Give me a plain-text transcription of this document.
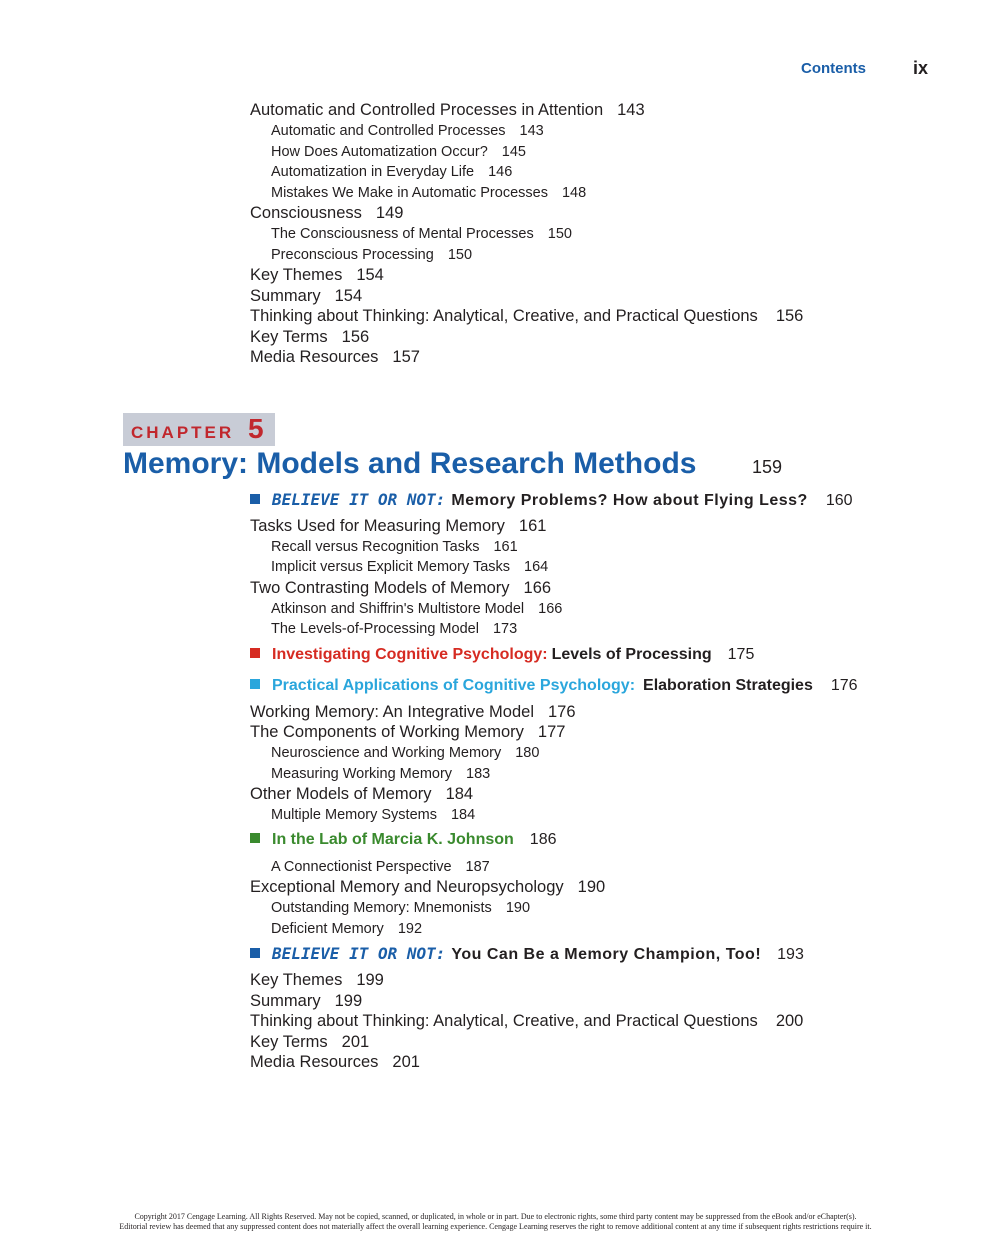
Contents	ix
Automatic and Controlled Processes in Attention 143
Automatic and Controlled Processes 143
How Does Automatization Occur? 145
Automatization in Everyday Life 146
Mistakes We Make in Automatic Processes 148
Consciousness 149
The Consciousness of Mental Processes 150
Preconscious Processing 150
Key Themes 154
Summary 154
Thinking about Thinking: Analytical, Creative, and Practical Questions 156
Key Terms 156
Media Resources 157
CHAPTER 5
Memory: Models and Research Methods	159
BELIEVE IT OR NOT: Memory Problems? How about Flying Less? 160
Tasks Used for Measuring Memory 161
Recall versus Recognition Tasks 161
Implicit versus Explicit Memory Tasks 164
Two Contrasting Models of Memory 166
Atkinson and Shiffrin's Multistore Model 166
The Levels-of-Processing Model 173
Investigating Cognitive Psychology: Levels of Processing 175
Practical Applications of Cognitive Psychology: Elaboration Strategies 176
Working Memory: An Integrative Model 176
The Components of Working Memory 177
Neuroscience and Working Memory 180
Measuring Working Memory 183
Other Models of Memory 184
Multiple Memory Systems 184
In the Lab of Marcia K. Johnson 186
A Connectionist Perspective 187
Exceptional Memory and Neuropsychology 190
Outstanding Memory: Mnemonists 190
Deficient Memory 192
BELIEVE IT OR NOT: You Can Be a Memory Champion, Too! 193
Key Themes 199
Summary 199
Thinking about Thinking: Analytical, Creative, and Practical Questions 200
Key Terms 201
Media Resources 201
Copyright 2017 Cengage Learning. All Rights Reserved. May not be copied, scanned, or duplicated, in whole or in part. Due to electronic rights, some third party content may be suppressed from the eBook and/or eChapter(s).
Editorial review has deemed that any suppressed content does not materially affect the overall learning experience. Cengage Learning reserves the right to remove additional content at any time if subsequent rights restrictions require it.
